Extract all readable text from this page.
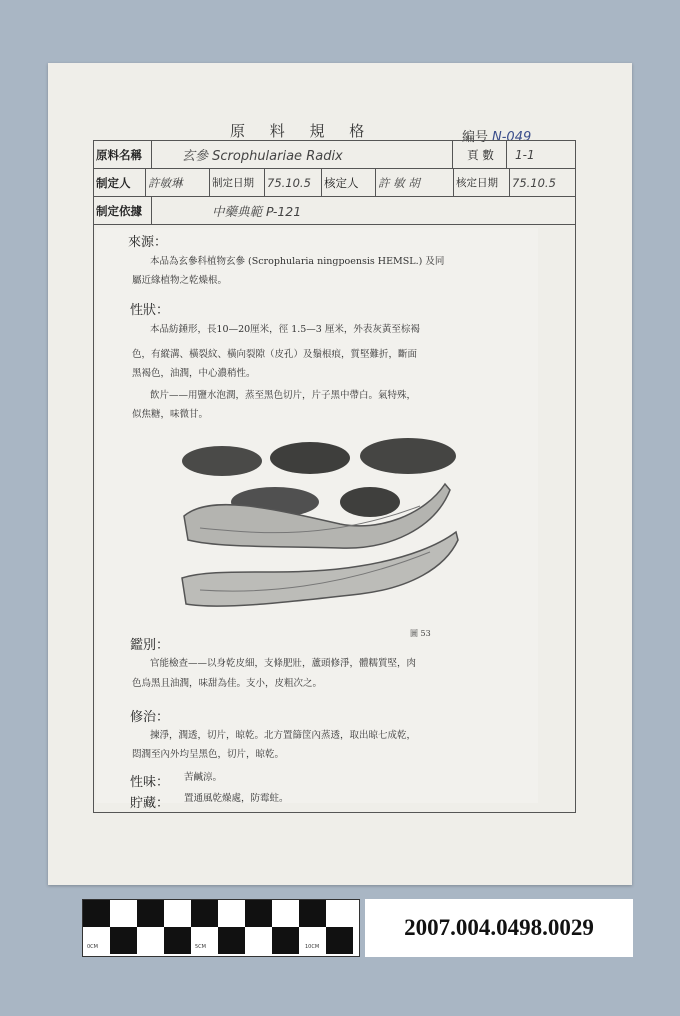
原 料 規 格	編号 N-049
原料名稱	玄參 Scrophulariae Radix	頁 數	1-1
制定人	許敏琳	制定日期	75.10.5	核定人	許 敏 胡	核定日期	75.10.5
制定依據	中藥典範 P-121
來源：
本品為玄參科植物玄參 (Scrophularia ningpoensis HEMSL.) 及同
屬近緣植物之乾燥根。
性狀：
本品紡錘形，長10—20厘米，徑 1.5—3 厘米，外表灰黃至棕褐
色，有縱溝、橫裂紋、橫向裂隙（皮孔）及鬚根痕，質堅難折，斷面
黑褐色，油潤，中心濃稍性。
飲片——用鹽水泡潤，蒸至黑色切片，片子黑中帶白。氣特殊，
似焦糖，味微甘。
圖 53
鑑別：
官能檢查——以身乾皮細，支條肥壯，蘆頭修淨，體糯質堅，肉
色烏黑且油潤，味甜為佳。支小，皮粗次之。
修治：
揀淨，潤透，切片，晾乾。北方置篩筐內蒸透，取出晾七成乾，
悶潤至內外均呈黑色，切片，晾乾。
性味： 苦鹹涼。
貯藏： 置通風乾燥處，防霉蛀。
0CM	5CM	10CM
2007.004.0498.0029
